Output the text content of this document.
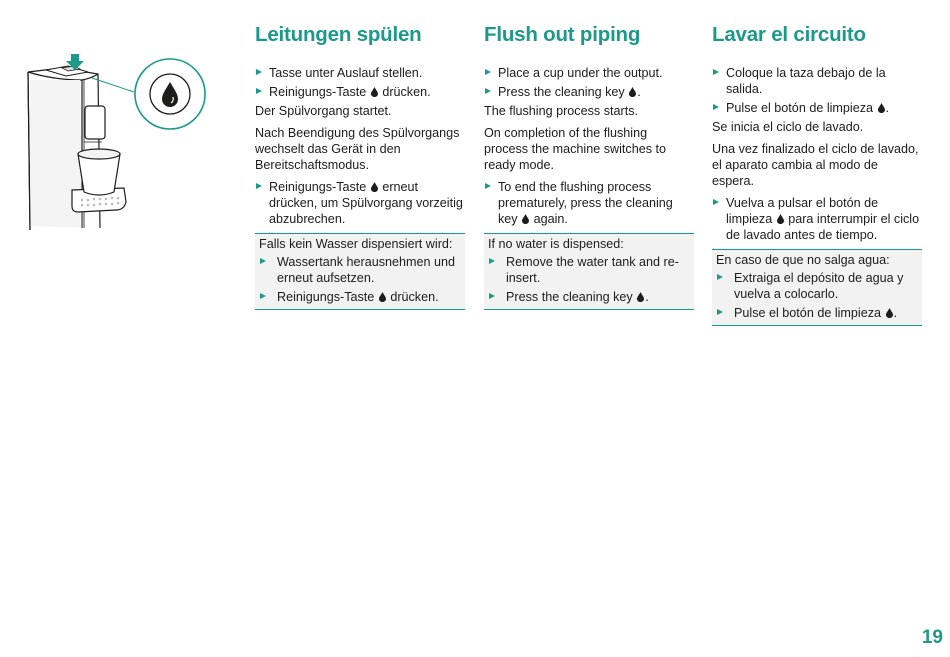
Leitungen spülen
Tasse unter Auslauf stellen.
Reinigungs-Taste drücken.

Der Spülvorgang startet.

Nach Beendigung des Spülvorgangs wechselt das Gerät in den Bereitschaftsmodus.

Reinigungs-Taste erneut drücken, um Spülvorgang vorzeitig abzubrechen.

Falls kein Wasser dispensiert wird:

Wassertank herausnehmen und erneut aufsetzen.
Reinigungs-Taste drücken.
Flush out piping
Place a cup under the output.
Press the cleaning key .

The flushing process starts.

On completion of the flushing process the machine switches to ready mode.

To end the flushing process prematurely, press the cleaning key again.

If no water is dispensed:

Remove the water tank and re-insert.
Press the cleaning key .
Lavar el circuito
Coloque la taza debajo de la salida.
Pulse el botón de limpieza .

Se inicia el ciclo de lavado.

Una vez finalizado el ciclo de lavado, el aparato cambia al modo de espera.

Vuelva a pulsar el botón de limpieza para interrumpir el ciclo de lavado antes de tiempo.

En caso de que no salga agua:

Extraiga el depósito de agua y vuelva a colocarlo.
Pulse el botón de limpieza .
19
